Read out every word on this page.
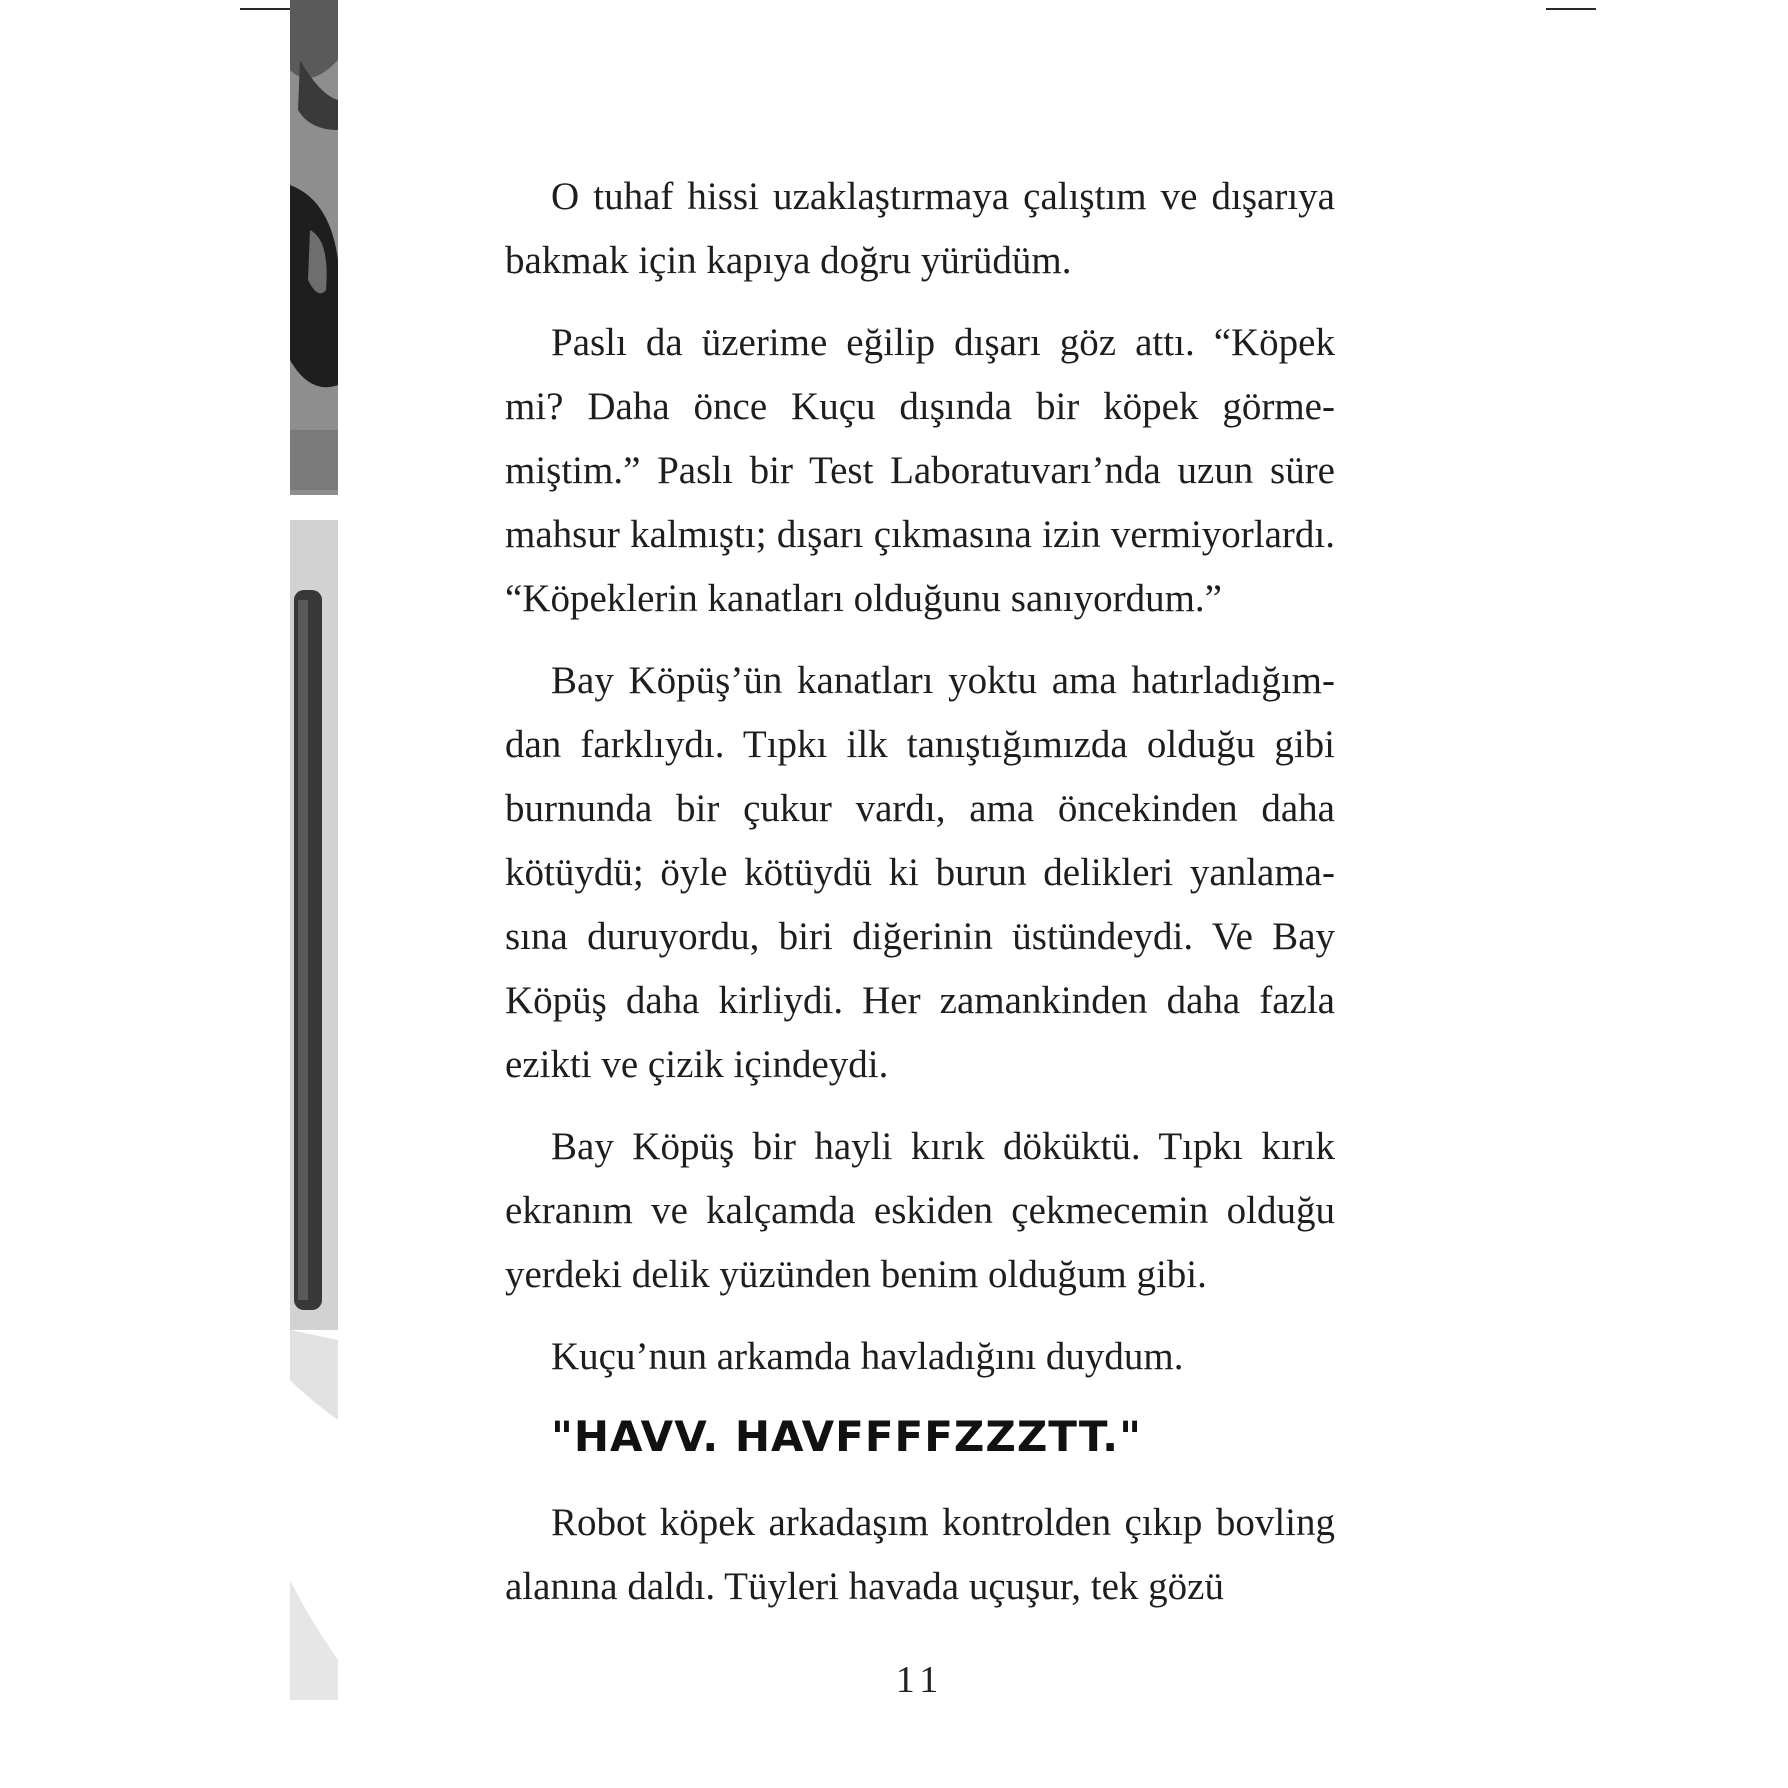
O tuhaf hissi uzaklaştırmaya çalıştım ve dışarıya bakmak için kapıya doğru yürüdüm.

Paslı da üzerime eğilip dışarı göz attı. “Köpek mi? Daha önce Kuçu dışında bir köpek görmemiştim.” Paslı bir Test Laboratuvarı’nda uzun süre mahsur kalmıştı; dışarı çıkmasına izin vermiyorlardı. “Köpeklerin kanatları olduğunu sanıyordum.”

Bay Köpüş’ün kanatları yoktu ama hatırladığımdan farklıydı. Tıpkı ilk tanıştığımızda olduğu gibi burnunda bir çukur vardı, ama öncekinden daha kötüydü; öyle kötüydü ki burun delikleri yanlamasına duruyordu, biri diğerinin üstündeydi. Ve Bay Köpüş daha kirliydi. Her zamankinden daha fazla ezikti ve çizik içindeydi.

Bay Köpüş bir hayli kırık döküktü. Tıpkı kırık ekranım ve kalçamda eskiden çekmecemin olduğu yerdeki delik yüzünden benim olduğum gibi.

Kuçu’nun arkamda havladığını duydum.

"HAVV. HAVFFFFZZZTT."

Robot köpek arkadaşım kontrolden çıkıp bovling alanına daldı. Tüyleri havada uçuşur, tek gözü

11
